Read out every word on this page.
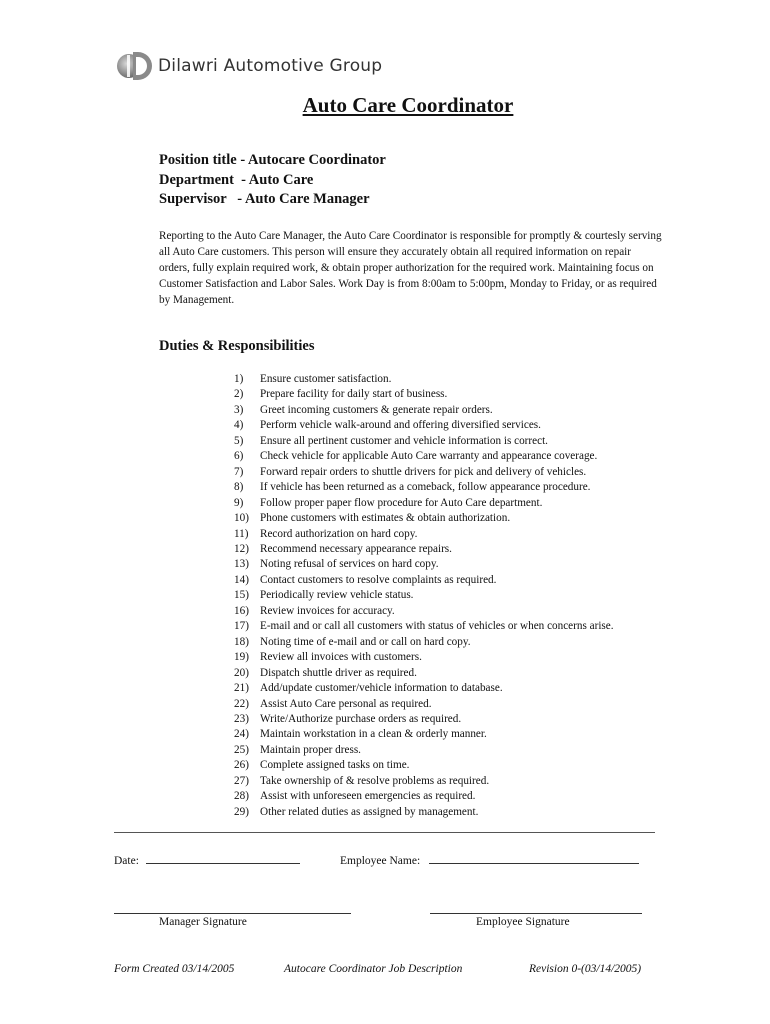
Dilawri Automotive Group
Auto Care Coordinator
Position title - Autocare Coordinator
Department  - Auto Care
Supervisor   - Auto Care Manager

Reporting to the Auto Care Manager, the Auto Care Coordinator is responsible for promptly & courtesly serving all Auto Care customers. This person will ensure they accurately obtain all required information on repair orders, fully explain required work, & obtain proper authorization for the required work. Maintaining focus on Customer Satisfaction and Labor Sales. Work Day is from 8:00am to 5:00pm, Monday to Friday, or as required by Management.

Duties & Responsibilities
1)	Ensure customer satisfaction.
2)	Prepare facility for daily start of business.
3)	Greet incoming customers & generate repair orders.
4)	Perform vehicle walk-around and offering diversified services.
5)	Ensure all pertinent customer and vehicle information is correct.
6)	Check vehicle for applicable Auto Care warranty and appearance coverage.
7)	Forward repair orders to shuttle drivers for pick and delivery of vehicles.
8)	If vehicle has been returned as a comeback, follow appearance procedure.
9)	Follow proper paper flow procedure for Auto Care department.
10) Phone customers with estimates & obtain authorization.
11)	Record authorization on hard copy.
12) Recommend necessary appearance repairs.
13) Noting refusal of services on hard copy.
14) Contact customers to resolve complaints as required.
15) Periodically review vehicle status.
16) Review invoices for accuracy.
17) E-mail and or call all customers with status of vehicles or when concerns arise.
18) Noting time of e-mail and or call on hard copy.
19) Review all invoices with customers.
20) Dispatch shuttle driver as required.
21) Add/update customer/vehicle information to database.
22) Assist Auto Care personal as required.
23) Write/Authorize purchase orders as required.
24) Maintain workstation in a clean & orderly manner.
25) Maintain proper dress.
26) Complete assigned tasks on time.
27) Take ownership of & resolve problems as required.
28) Assist with unforeseen emergencies as required.
29) Other related duties as assigned by management.
Date:	Employee Name:
Manager Signature	Employee Signature
Form Created 03/14/2005	Autocare Coordinator Job Description	Revision 0-(03/14/2005)
